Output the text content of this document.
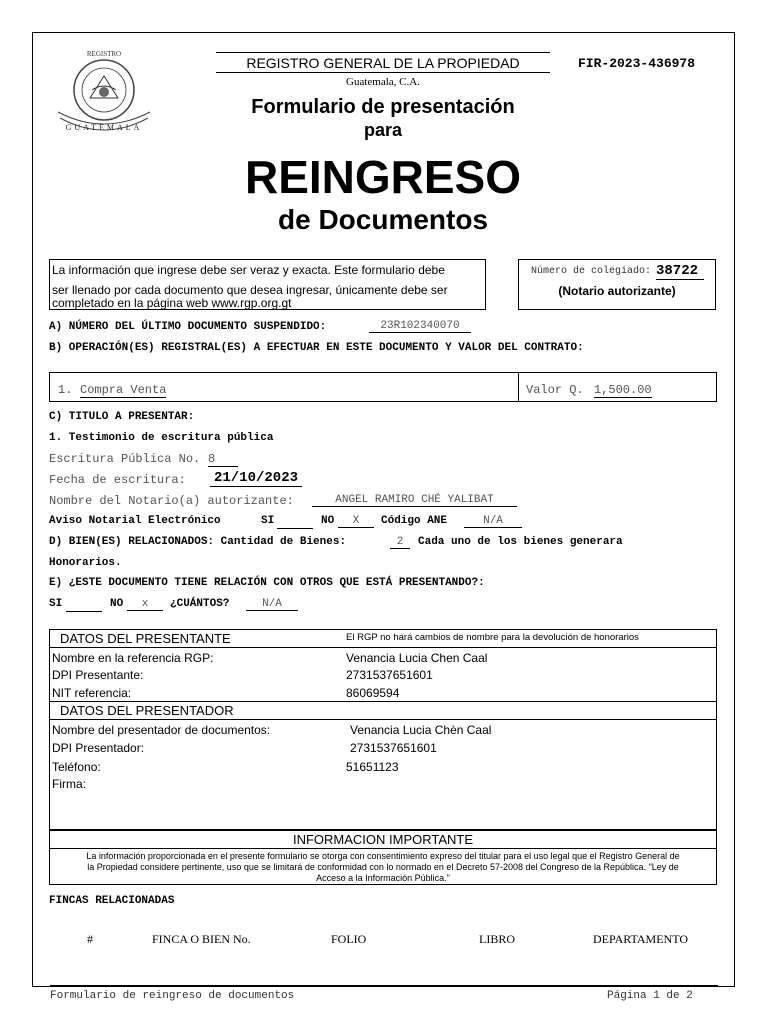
REGISTRO
GUATEMALA
REGISTRO GENERAL DE LA PROPIEDAD
Guatemala, C.A.
FIR-2023-436978
Formulario de presentación
para
REINGRESO
de Documentos
La información que ingrese debe ser veraz y exacta. Este formulario debe
ser llenado por cada documento que desea ingresar, únicamente debe ser
completado en la página web www.rgp.org.gt
Número de colegiado: 38722
(Notario autorizante)
A) NÚMERO DEL ÚLTIMO DOCUMENTO SUSPENDIDO:	23R102340070
B) OPERACIÓN(ES) REGISTRAL(ES) A EFECTUAR EN ESTE DOCUMENTO Y VALOR DEL CONTRATO:
1. Compra Venta	Valor Q. 1,500.00
C) TITULO A PRESENTAR:
1. Testimonio de escritura pública
Escritura Pública No. 8
Fecha de escritura: 21/10/2023
Nombre del Notario(a) autorizante:	ANGEL RAMIRO CHÉ YALIBAT
Aviso Notarial Electrónico	SI	NO	X	Código ANE	N/A
D) BIEN(ES) RELACIONADOS: Cantidad de Bienes:	2	Cada uno de los bienes generara
Honorarios.
E) ¿ESTE DOCUMENTO TIENE RELACIÓN CON OTROS QUE ESTÁ PRESENTANDO?:
SI	NO	x	¿CUÁNTOS?	N/A
DATOS DEL PRESENTANTE	El RGP no hará cambios de nombre para la devolución de honorarios
Nombre en la referencia RGP:	Venancia Lucia Chen Caal
DPI Presentante:	2731537651601
NIT referencia:	86069594
DATOS DEL PRESENTADOR
Nombre del presentador de documentos:	Venancia Lucia Chèn Caal
DPI Presentador:	2731537651601
Teléfono:	51651123
Firma:
INFORMACION IMPORTANTE
La información proporcionada en el presente formulario se otorga con consentimiento expreso del titular para el uso legal que el Registro General de
la Propiedad considere pertinente, uso que se limitará de conformidad con lo normado en el Decreto 57-2008 del Congreso de la República. "Ley de
Acceso a la Información Pública."
FINCAS RELACIONADAS
#	FINCA O BIEN No.	FOLIO	LIBRO	DEPARTAMENTO
Formulario de reingreso de documentos	Página 1 de 2
